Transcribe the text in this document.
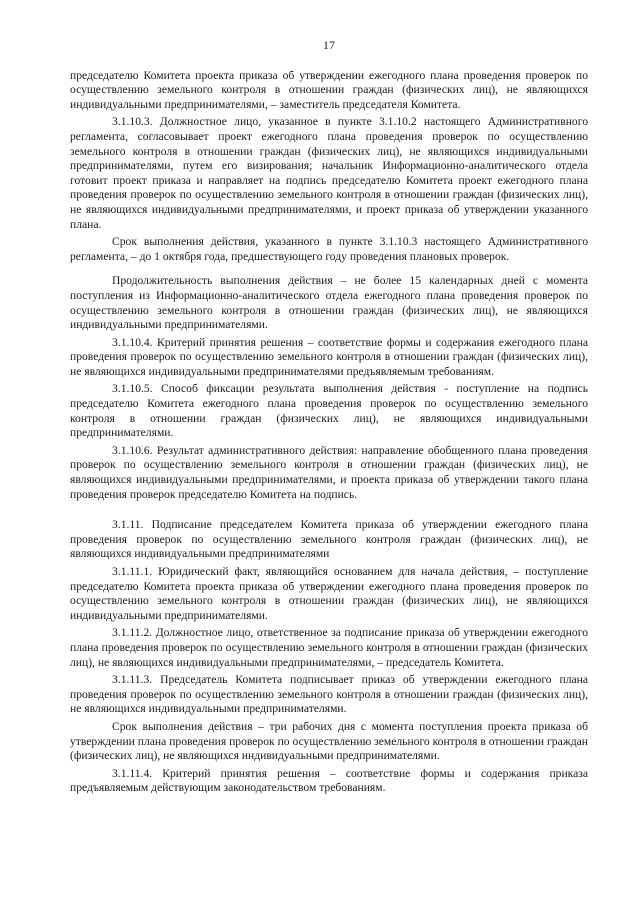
17

председателю Комитета проекта приказа об утверждении ежегодного плана проведения проверок по осуществлению земельного контроля в отношении граждан (физических лиц), не являющихся индивидуальными предпринимателями, – заместитель председателя Комитета.

3.1.10.3. Должностное лицо, указанное в пункте 3.1.10.2 настоящего Административного регламента, согласовывает проект ежегодного плана проведения проверок по осуществлению земельного контроля в отношении граждан (физических лиц), не являющихся индивидуальными предпринимателями, путем его визирования; начальник Информационно-аналитического отдела готовит проект приказа и направляет на подпись председателю Комитета проект ежегодного плана проведения проверок по осуществлению земельного контроля в отношении граждан (физических лиц), не являющихся индивидуальными предпринимателями, и проект приказа об утверждении указанного плана.

Срок выполнения действия, указанного в пункте 3.1.10.3 настоящего Административного регламента, – до 1 октября года, предшествующего году проведения плановых проверок.

Продолжительность выполнения действия – не более 15 календарных дней с момента поступления из Информационно-аналитического отдела ежегодного плана проведения проверок по осуществлению земельного контроля в отношении граждан (физических лиц), не являющихся индивидуальными предпринимателями.

3.1.10.4. Критерий принятия решения – соответствие формы и содержания ежегодного плана проведения проверок по осуществлению земельного контроля в отношении граждан (физических лиц), не являющихся индивидуальными предпринимателями предъявляемым требованиям.

3.1.10.5. Способ фиксации результата выполнения действия - поступление на подпись председателю Комитета ежегодного плана проведения проверок по осуществлению земельного контроля в отношении граждан (физических лиц), не являющихся индивидуальными предпринимателями.

3.1.10.6. Результат административного действия: направление обобщенного плана проведения проверок по осуществлению земельного контроля в отношении граждан (физических лиц), не являющихся индивидуальными предпринимателями, и проекта приказа об утверждении такого плана проведения проверок председателю Комитета на подпись.

3.1.11. Подписание председателем Комитета приказа об утверждении ежегодного плана проведения проверок по осуществлению земельного контроля граждан (физических лиц), не являющихся индивидуальными предпринимателями

3.1.11.1. Юридический факт, являющийся основанием для начала действия, – поступление председателю Комитета проекта приказа об утверждении ежегодного плана проведения проверок по осуществлению земельного контроля в отношении граждан (физических лиц), не являющихся индивидуальными предпринимателями.

3.1.11.2. Должностное лицо, ответственное за подписание приказа об утверждении ежегодного плана проведения проверок по осуществлению земельного контроля в отношении граждан (физических лиц), не являющихся индивидуальными предпринимателями, – председатель Комитета.

3.1.11.3. Председатель Комитета подписывает приказ об утверждении ежегодного плана проведения проверок по осуществлению земельного контроля в отношении граждан (физических лиц), не являющихся индивидуальными предпринимателями.

Срок выполнения действия – три рабочих дня с момента поступления проекта приказа об утверждении плана проведения проверок по осуществлению земельного контроля в отношении граждан (физических лиц), не являющихся индивидуальными предпринимателями.

3.1.11.4. Критерий принятия решения – соответствие формы и содержания приказа предъявляемым действующим законодательством требованиям.
